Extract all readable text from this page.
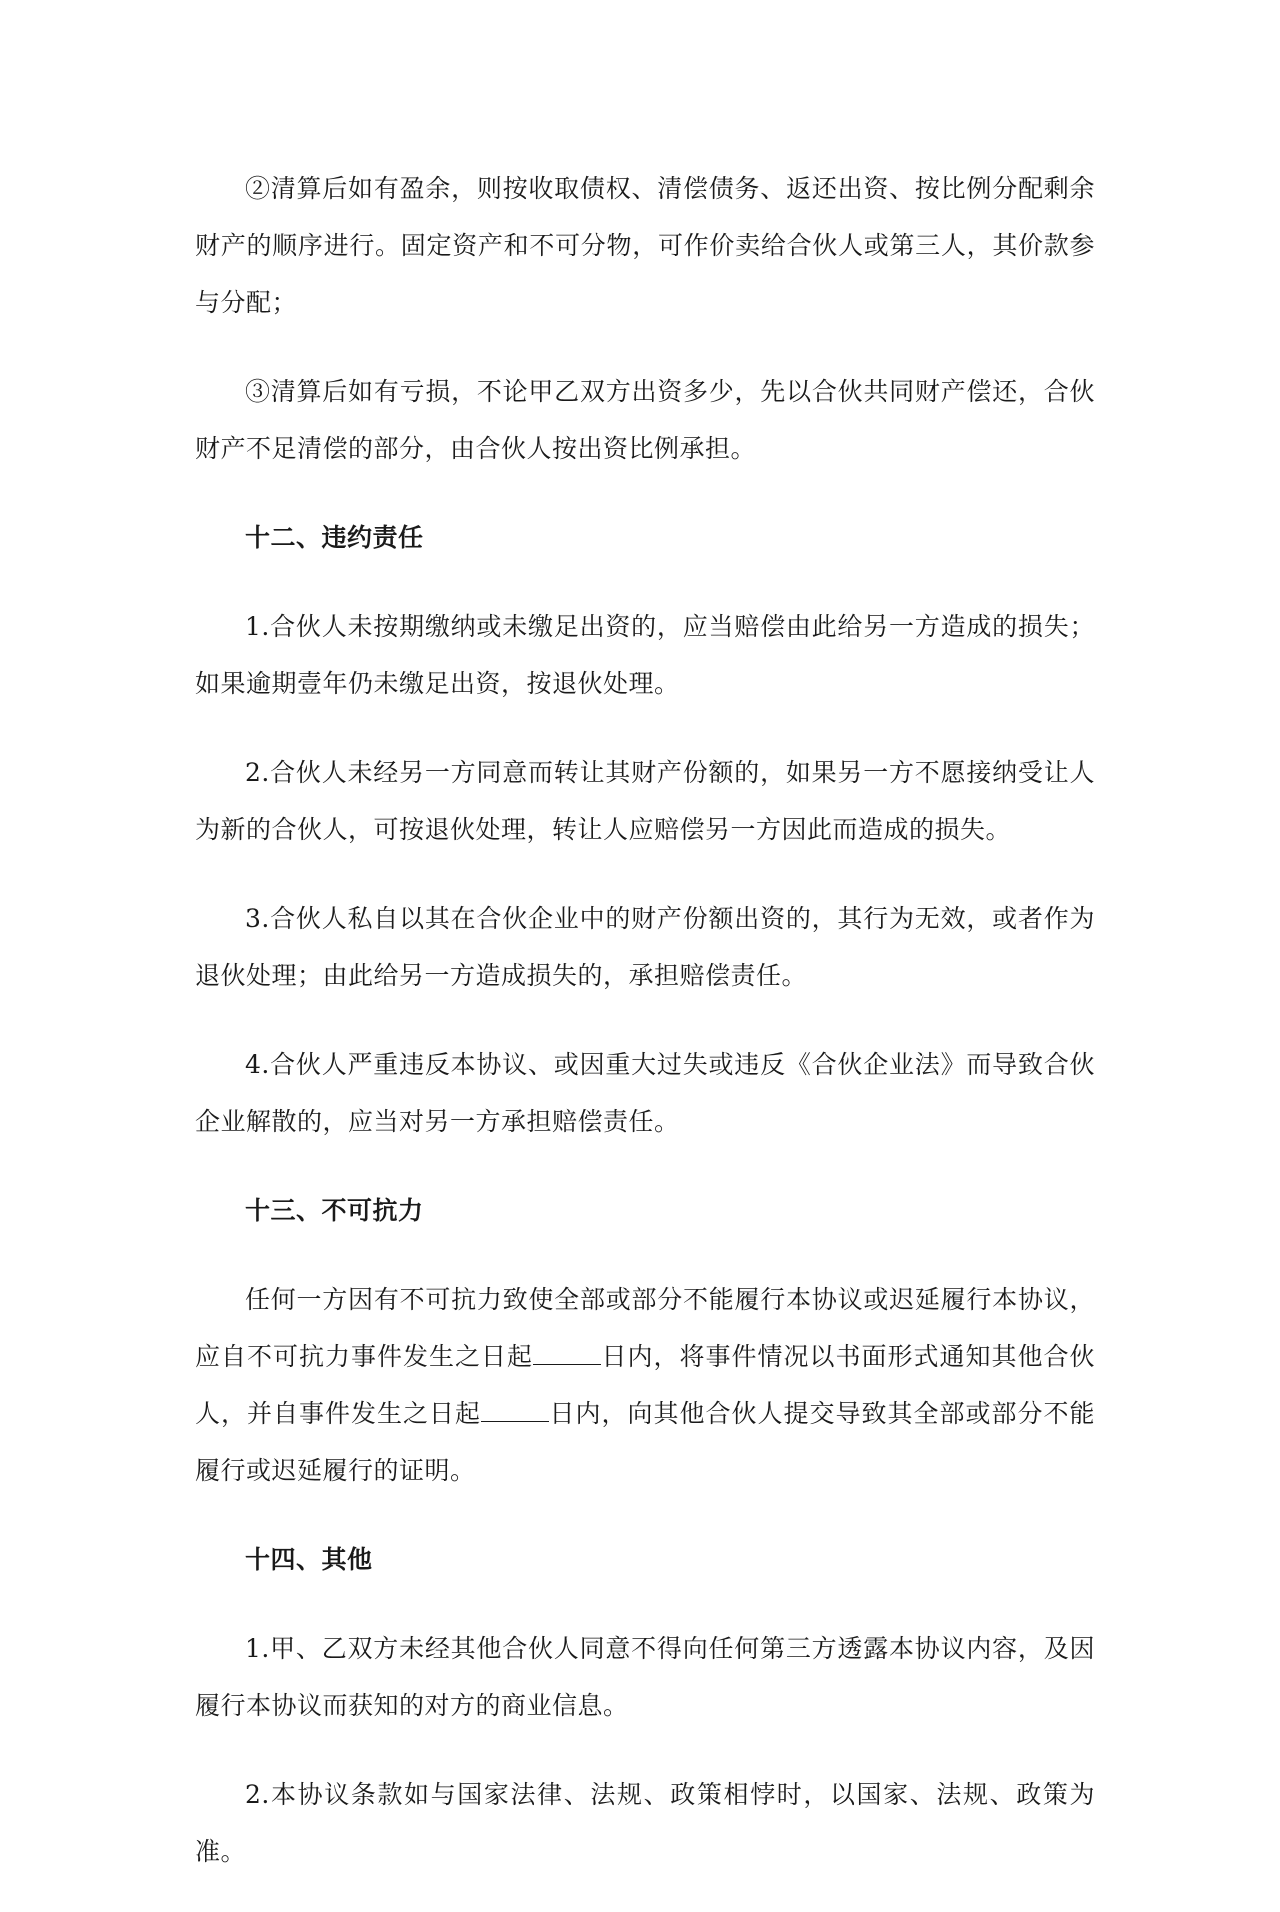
②清算后如有盈余，则按收取债权、清偿债务、返还出资、按比例分配剩余财产的顺序进行。固定资产和不可分物，可作价卖给合伙人或第三人，其价款参与分配；

③清算后如有亏损，不论甲乙双方出资多少，先以合伙共同财产偿还，合伙财产不足清偿的部分，由合伙人按出资比例承担。

十二、违约责任

1.合伙人未按期缴纳或未缴足出资的，应当赔偿由此给另一方造成的损失；如果逾期壹年仍未缴足出资，按退伙处理。

2.合伙人未经另一方同意而转让其财产份额的，如果另一方不愿接纳受让人为新的合伙人，可按退伙处理，转让人应赔偿另一方因此而造成的损失。

3.合伙人私自以其在合伙企业中的财产份额出资的，其行为无效，或者作为退伙处理；由此给另一方造成损失的，承担赔偿责任。

4.合伙人严重违反本协议、或因重大过失或违反《合伙企业法》而导致合伙企业解散的，应当对另一方承担赔偿责任。

十三、不可抗力

任何一方因有不可抗力致使全部或部分不能履行本协议或迟延履行本协议，应自不可抗力事件发生之日起	日内，将事件情况以书面形式通知其他合伙人，并自事件发生之日起	日内，向其他合伙人提交导致其全部或部分不能履行或迟延履行的证明。

十四、其他

1.甲、乙双方未经其他合伙人同意不得向任何第三方透露本协议内容，及因履行本协议而获知的对方的商业信息。

2.本协议条款如与国家法律、法规、政策相悖时，以国家、法规、政策为准。
